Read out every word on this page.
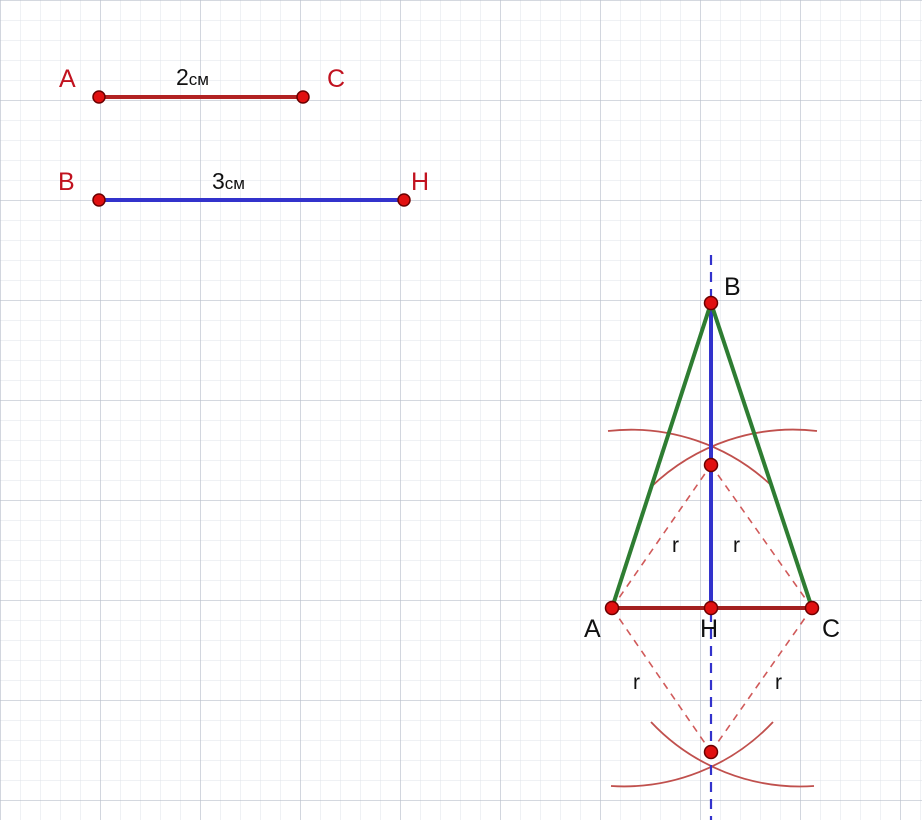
A	C
2см
B	H
3см
B
A	H	C
r	r
r	r
